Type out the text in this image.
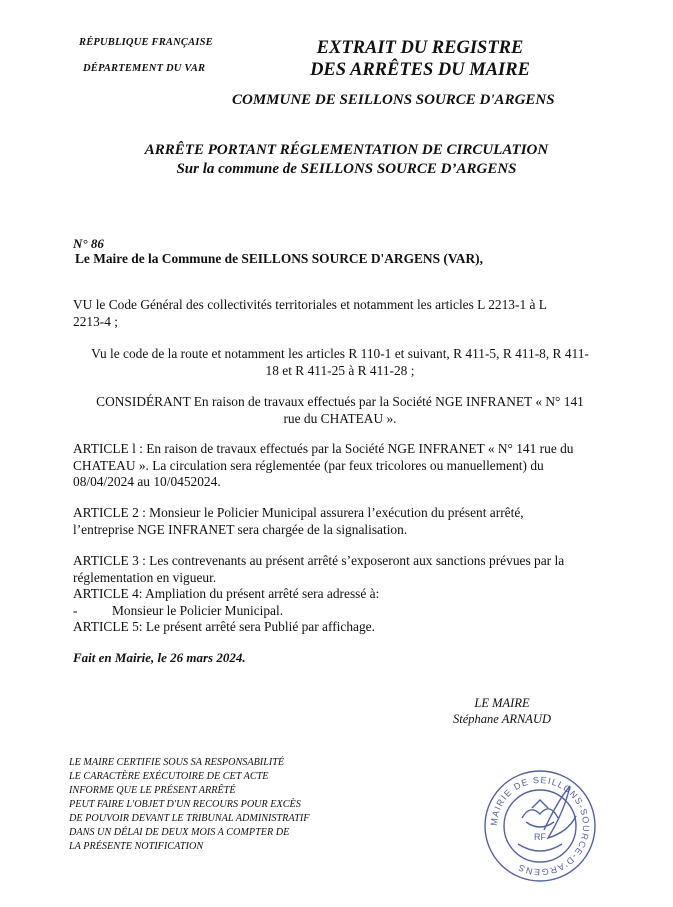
RÉPUBLIQUE FRANÇAISE
DÉPARTEMENT DU VAR
EXTRAIT DU REGISTRE
DES ARRÊTES DU MAIRE
COMMUNE DE SEILLONS SOURCE D'ARGENS
ARRÊTE PORTANT RÉGLEMENTATION DE CIRCULATION
Sur la commune de SEILLONS SOURCE D’ARGENS
N° 86
Le Maire de la Commune de SEILLONS SOURCE D'ARGENS (VAR),
VU le Code Général des collectivités territoriales et notamment les articles L 2213-1 à L
2213-4 ;
Vu le code de la route et notamment les articles R 110-1 et suivant, R 411-5, R 411-8, R 411-
18 et R 411-25 à R 411-28 ;
CONSIDÉRANT En raison de travaux effectués par la Société NGE INFRANET « N° 141
rue du CHATEAU ».
ARTICLE l : En raison de travaux effectués par la Société NGE INFRANET « N° 141 rue du
CHATEAU ». La circulation sera réglementée (par feux tricolores ou manuellement) du
08/04/2024 au 10/0452024.
ARTICLE 2 : Monsieur le Policier Municipal assurera l’exécution du présent arrêté,
l’entreprise NGE INFRANET sera chargée de la signalisation.
ARTICLE 3 : Les contrevenants au présent arrêté s’exposeront aux sanctions prévues par la
réglementation en vigueur.
ARTICLE 4: Ampliation du présent arrêté sera adressé à:
-	Monsieur le Policier Municipal.
ARTICLE 5: Le présent arrêté sera Publié par affichage.
Fait en Mairie, le 26 mars 2024.
LE MAIRE
Stéphane ARNAUD
LE MAIRE CERTIFIE SOUS SA RESPONSABILITÉ
LE CARACTÈRE EXÉCUTOIRE DE CET ACTE
INFORME QUE LE PRÉSENT ARRÊTÉ
PEUT FAIRE L'OBJET D'UN RECOURS POUR EXCÈS
DE POUVOIR DEVANT LE TRIBUNAL ADMINISTRATIF
DANS UN DÉLAI DE DEUX MOIS A COMPTER DE
LA PRÉSENTE NOTIFICATION
MAIRIE DE SEILLONS-SOURCE-D'ARGENS
RF
